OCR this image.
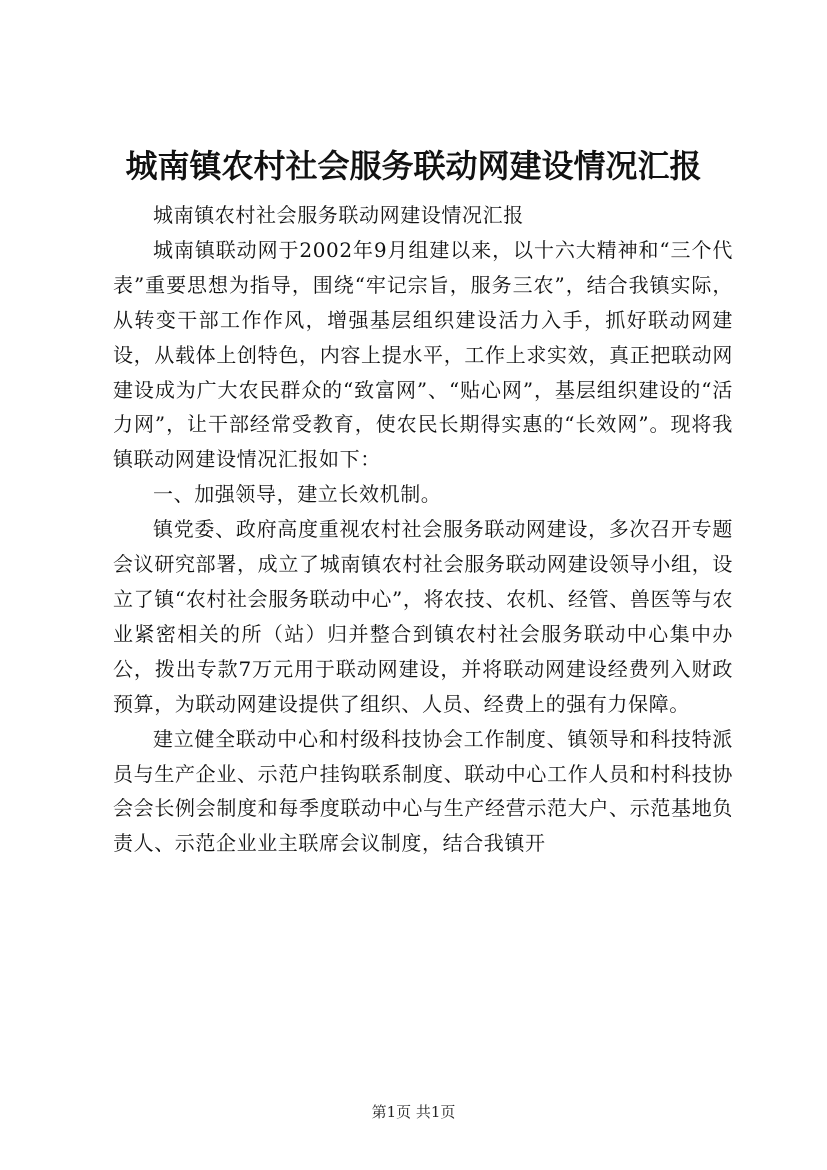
城南镇农村社会服务联动网建设情况汇报

城南镇农村社会服务联动网建设情况汇报

城南镇联动网于2002年9月组建以来，以十六大精神和“三个代表”重要思想为指导，围绕“牢记宗旨，服务三农”，结合我镇实际，从转变干部工作作风，增强基层组织建设活力入手，抓好联动网建设，从载体上创特色，内容上提水平，工作上求实效，真正把联动网建设成为广大农民群众的“致富网”、“贴心网”，基层组织建设的“活力网”，让干部经常受教育，使农民长期得实惠的“长效网”。现将我镇联动网建设情况汇报如下：

一、加强领导，建立长效机制。

镇党委、政府高度重视农村社会服务联动网建设，多次召开专题会议研究部署，成立了城南镇农村社会服务联动网建设领导小组，设立了镇“农村社会服务联动中心”，将农技、农机、经管、兽医等与农业紧密相关的所（站）归并整合到镇农村社会服务联动中心集中办公，拨出专款7万元用于联动网建设，并将联动网建设经费列入财政预算，为联动网建设提供了组织、人员、经费上的强有力保障。

建立健全联动中心和村级科技协会工作制度、镇领导和科技特派员与生产企业、示范户挂钩联系制度、联动中心工作人员和村科技协会会长例会制度和每季度联动中心与生产经营示范大户、示范基地负责人、示范企业业主联席会议制度，结合我镇开

第1页 共1页
